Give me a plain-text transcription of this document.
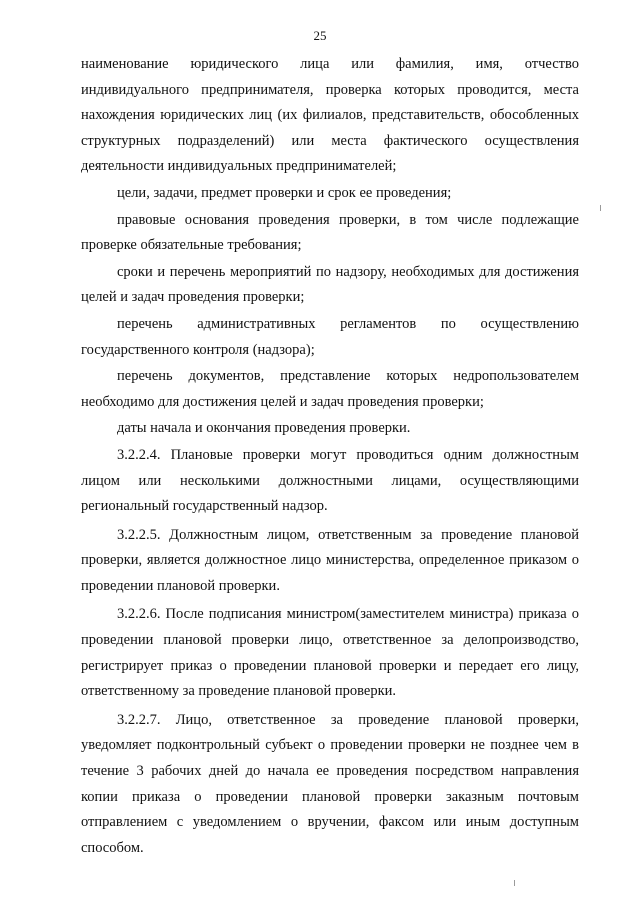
25

наименование юридического лица или фамилия, имя, отчество индивидуального предпринимателя, проверка которых проводится, места нахождения юридических лиц (их филиалов, представительств, обособленных структурных подразделений) или места фактического осуществления деятельности индивидуальных предпринимателей;

цели, задачи, предмет проверки и срок ее проведения;

правовые основания проведения проверки, в том числе подлежащие проверке обязательные требования;

сроки и перечень мероприятий по надзору, необходимых для достижения целей и задач проведения проверки;

перечень административных регламентов по осуществлению государственного контроля (надзора);

перечень документов, представление которых недропользователем необходимо для достижения целей и задач проведения проверки;

даты начала и окончания проведения проверки.

3.2.2.4. Плановые проверки могут проводиться одним должностным лицом или несколькими должностными лицами, осуществляющими региональный государственный надзор.

3.2.2.5. Должностным лицом, ответственным за проведение плановой проверки, является должностное лицо министерства, определенное приказом о проведении плановой проверки.

3.2.2.6. После подписания министром(заместителем министра) приказа о проведении плановой проверки лицо, ответственное за делопроизводство, регистрирует приказ о проведении плановой проверки и передает его лицу, ответственному за проведение плановой проверки.

3.2.2.7. Лицо, ответственное за проведение плановой проверки, уведомляет подконтрольный субъект о проведении проверки не позднее чем в течение 3 рабочих дней до начала ее проведения посредством направления копии приказа о проведении плановой проверки заказным почтовым отправлением с уведомлением о вручении, факсом или иным доступным способом.
